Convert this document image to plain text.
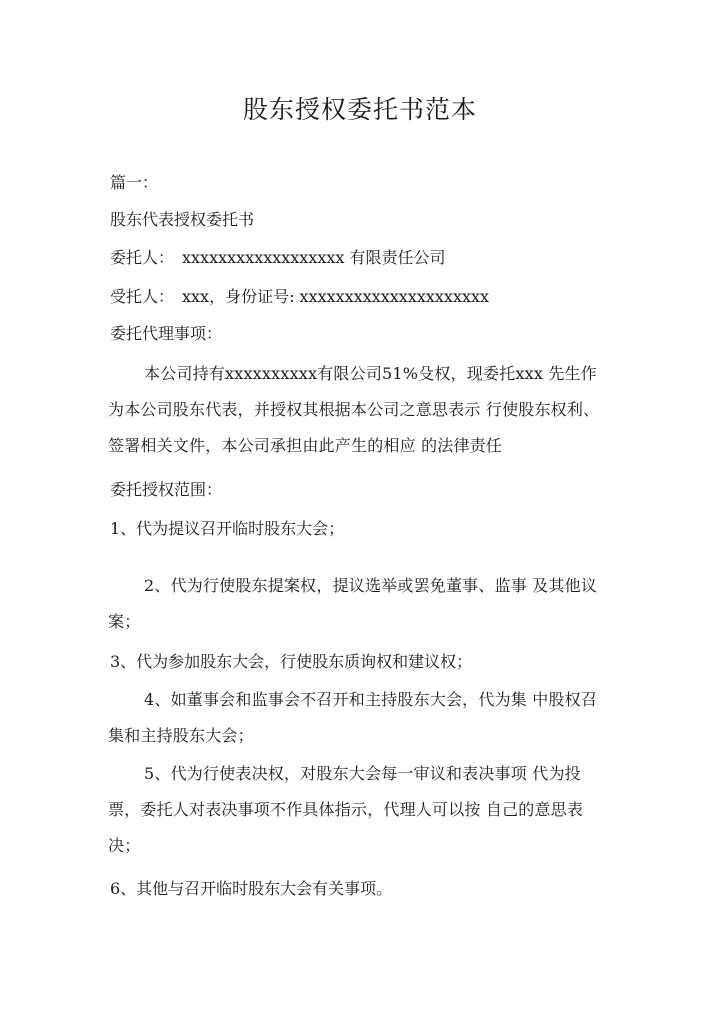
股东授权委托书范本
篇一：
股东代表授权委托书
委托人：　xxxxxxxxxxxxxxxxxx 有限责任公司
受托人：　xxx，身份证号: xxxxxxxxxxxxxxxxxxxxx
委托代理事项：
本公司持有xxxxxxxxxx有限公司51%殳权，现委托xxx 先生作为本公司股东代表，并授权其根据本公司之意思表示 行使股东权利、签署相关文件，本公司承担由此产生的相应 的法律责任
委托授权范围：
1、代为提议召开临时股东大会；
2、代为行使股东提案权，提议选举或罢免董事、监事 及其他议案；
3、代为参加股东大会，行使股东质询权和建议权；
4、如董事会和监事会不召开和主持股东大会，代为集 中股权召集和主持股东大会；
5、代为行使表决权，对股东大会每一审议和表决事项 代为投票，委托人对表决事项不作具体指示，代理人可以按 自己的意思表决；
6、其他与召开临时股东大会有关事项。
